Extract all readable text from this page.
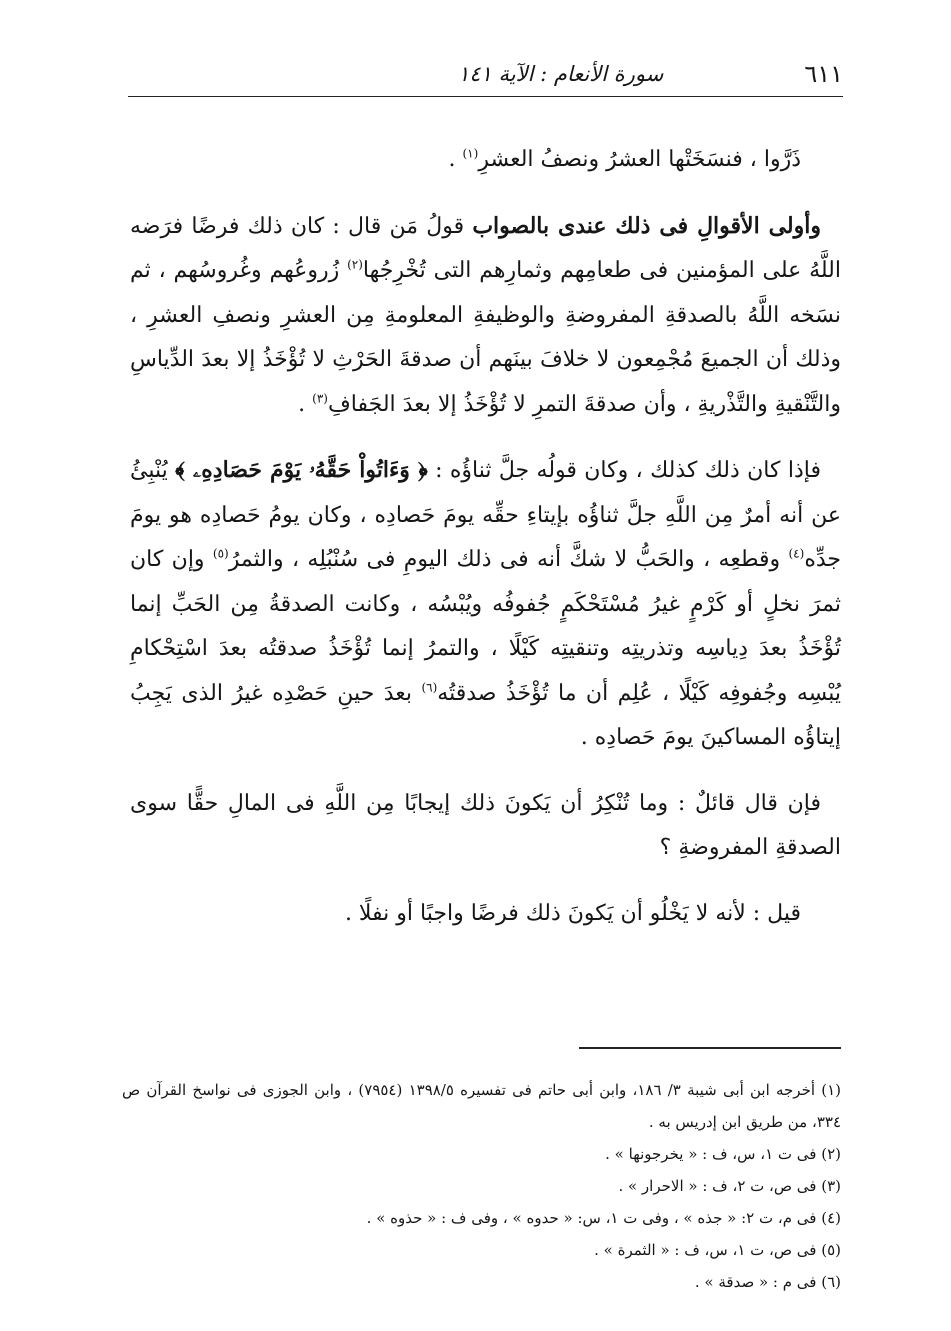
٦١١
سورة الأنعام : الآية ١٤١

ذَرَّوا ، فنسَخَتْها العشرُ ونصفُ العشرِ$^{(١)}$ .

وأولى الأقوالِ فى ذلك عندى بالصواب قولُ مَن قال : كان ذلك فرضًا فرَضه اللَّهُ على المؤمنين فى طعامِهم وثمارِهم التى تُخْرِجُها$^{(٢)}$ زُروعُهم وغُروسُهم ، ثم نسَخه اللَّهُ بالصدقةِ المفروضةِ والوظيفةِ المعلومةِ مِن العشرِ ونصفِ العشرِ ، وذلك أن الجميعَ مُجْمِعون لا خلافَ بينَهم أن صدقةَ الحَرْثِ لا تُؤْخَذُ إلا بعدَ الدِّياسِ والتَّنْقيةِ والتَّذْريةِ ، وأن صدقةَ التمرِ لا تُؤْخَذُ إلا بعدَ الجَفافِ$^{(٣)}$ .

فإذا كان ذلك كذلك ، وكان قولُه جلَّ ثناؤُه : ﴿ وَءَاتُواْ حَقَّهُۥ يَوْمَ حَصَادِهِۦ ﴾ يُنْبِئُ عن أنه أمرٌ مِن اللَّهِ جلَّ ثناؤُه بإيتاءِ حقِّه يومَ حَصادِه ، وكان يومُ حَصادِه هو يومَ جدِّه$^{(٤)}$ وقطعِه ، والحَبُّ لا شكَّ أنه فى ذلك اليومِ فى سُنْبُلِه ، والثمرُ$^{(٥)}$ وإن كان ثمرَ نخلٍ أو كَرْمٍ غيرُ مُسْتَحْكَمٍ جُفوفُه ويُبْسُه ، وكانت الصدقةُ مِن الحَبِّ إنما تُؤْخَذُ بعدَ دِياسِه وتذريتِه وتنقيتِه كَيْلًا ، والتمرُ إنما تُؤْخَذُ صدقتُه بعدَ اسْتِحْكامِ يُبْسِه وجُفوفِه كَيْلًا ، عُلِم أن ما تُؤْخَذُ صدقتُه$^{(٦)}$ بعدَ حينِ حَصْدِه غيرُ الذى يَجِبُ إيتاؤُه المساكينَ يومَ حَصادِه .

فإن قال قائلٌ : وما تُنْكِرُ أن يَكونَ ذلك إيجابًا مِن اللَّهِ فى المالِ حقًّا سوى الصدقةِ المفروضةِ ؟

قيل : لأنه لا يَخْلُو أن يَكونَ ذلك فرضًا واجبًا أو نفلًا .

(١) أخرجه ابن أبى شيبة ٣/ ١٨٦، وابن أبى حاتم فى تفسيره ١٣٩٨/٥ (٧٩٥٤) ، وابن الجوزى فى نواسخ القرآن ص ٣٣٤، من طريق ابن إدريس به .

(٢) فى ت ١، س، ف : « يخرجونها » .

(٣) فى ص، ت ٢، ف : « الاحرار » .

(٤) فى م، ت ٢: « جذه » ، وفى ت ١، س: « حدوه » ، وفى ف : « حذوه » .

(٥) فى ص، ت ١، س، ف : « الثمرة » .

(٦) فى م : « صدقة » .
